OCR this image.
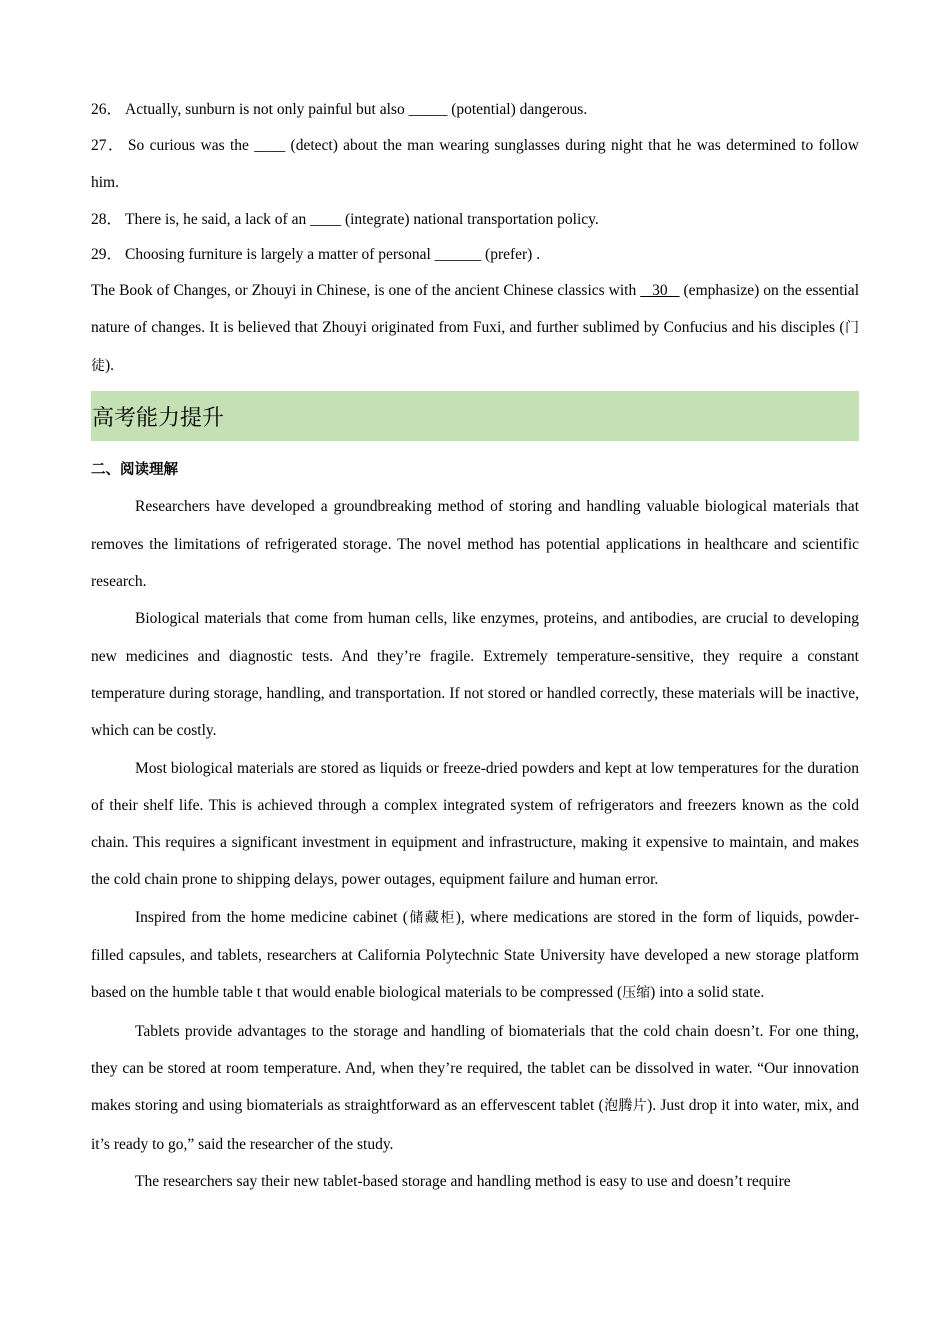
26． Actually, sunburn is not only painful but also _____ (potential) dangerous.

27． So curious was the ____ (detect) about the man wearing sunglasses during night that he was determined to follow him.

28． There is, he said, a lack of an ____ (integrate) national transportation policy.

29． Choosing furniture is largely a matter of personal ______ (prefer) .

The Book of Changes, or Zhouyi in Chinese, is one of the ancient Chinese classics with    30    (emphasize) on the essential nature of changes. It is believed that Zhouyi originated from Fuxi, and further sublimed by Confucius and his disciples (门徒).

高考能力提升
二、阅读理解

Researchers have developed a groundbreaking method of storing and handling valuable biological materials that removes the limitations of refrigerated storage. The novel method has potential applications in healthcare and scientific research.

Biological materials that come from human cells, like enzymes, proteins, and antibodies, are crucial to developing new medicines and diagnostic tests. And they’re fragile. Extremely temperature-sensitive, they require a constant temperature during storage, handling, and transportation. If not stored or handled correctly, these materials will be inactive, which can be costly.

Most biological materials are stored as liquids or freeze-dried powders and kept at low temperatures for the duration of their shelf life. This is achieved through a complex integrated system of refrigerators and freezers known as the cold chain. This requires a significant investment in equipment and infrastructure, making it expensive to maintain, and makes the cold chain prone to shipping delays, power outages, equipment failure and human error.

Inspired from the home medicine cabinet (储藏柜), where medications are stored in the form of liquids, powder-filled capsules, and tablets, researchers at California Polytechnic State University have developed a new storage platform based on the humble table t that would enable biological materials to be compressed (压缩) into a solid state.

Tablets provide advantages to the storage and handling of biomaterials that the cold chain doesn’t. For one thing, they can be stored at room temperature. And, when they’re required, the tablet can be dissolved in water. “Our innovation makes storing and using biomaterials as straightforward as an effervescent tablet (泡腾片). Just drop it into water, mix, and it’s ready to go,” said the researcher of the study.

The researchers say their new tablet-based storage and handling method is easy to use and doesn’t require
